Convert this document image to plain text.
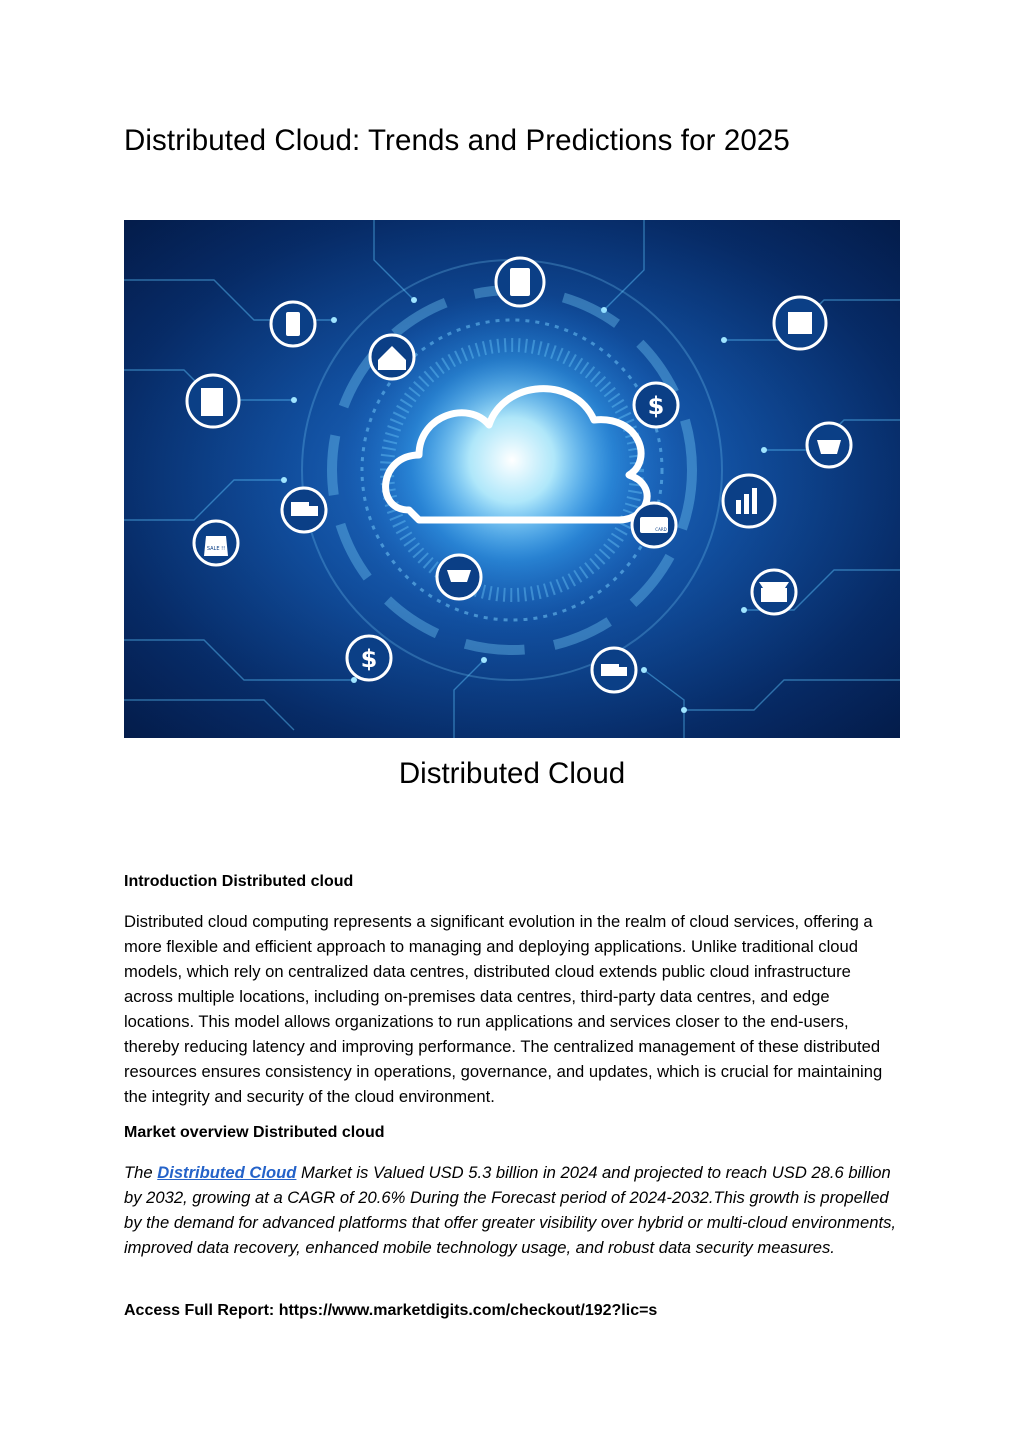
Distributed Cloud: Trends and Predictions for 2025
$
SALE !!
CARD
$
Distributed Cloud
Introduction Distributed cloud

Distributed cloud computing represents a significant evolution in the realm of cloud services, offering a more flexible and efficient approach to managing and deploying applications. Unlike traditional cloud models, which rely on centralized data centres, distributed cloud extends public cloud infrastructure across multiple locations, including on-premises data centres, third-party data centres, and edge locations. This model allows organizations to run applications and services closer to the end-users, thereby reducing latency and improving performance. The centralized management of these distributed resources ensures consistency in operations, governance, and updates, which is crucial for maintaining the integrity and security of the cloud environment.

Market overview Distributed cloud

The Distributed Cloud Market is Valued USD 5.3 billion in 2024 and projected to reach USD 28.6 billion by 2032, growing at a CAGR of 20.6% During the Forecast period of 2024-2032.This growth is propelled by the demand for advanced platforms that offer greater visibility over hybrid or multi-cloud environments, improved data recovery, enhanced mobile technology usage, and robust data security measures.

Access Full Report: https://www.marketdigits.com/checkout/192?lic=s
